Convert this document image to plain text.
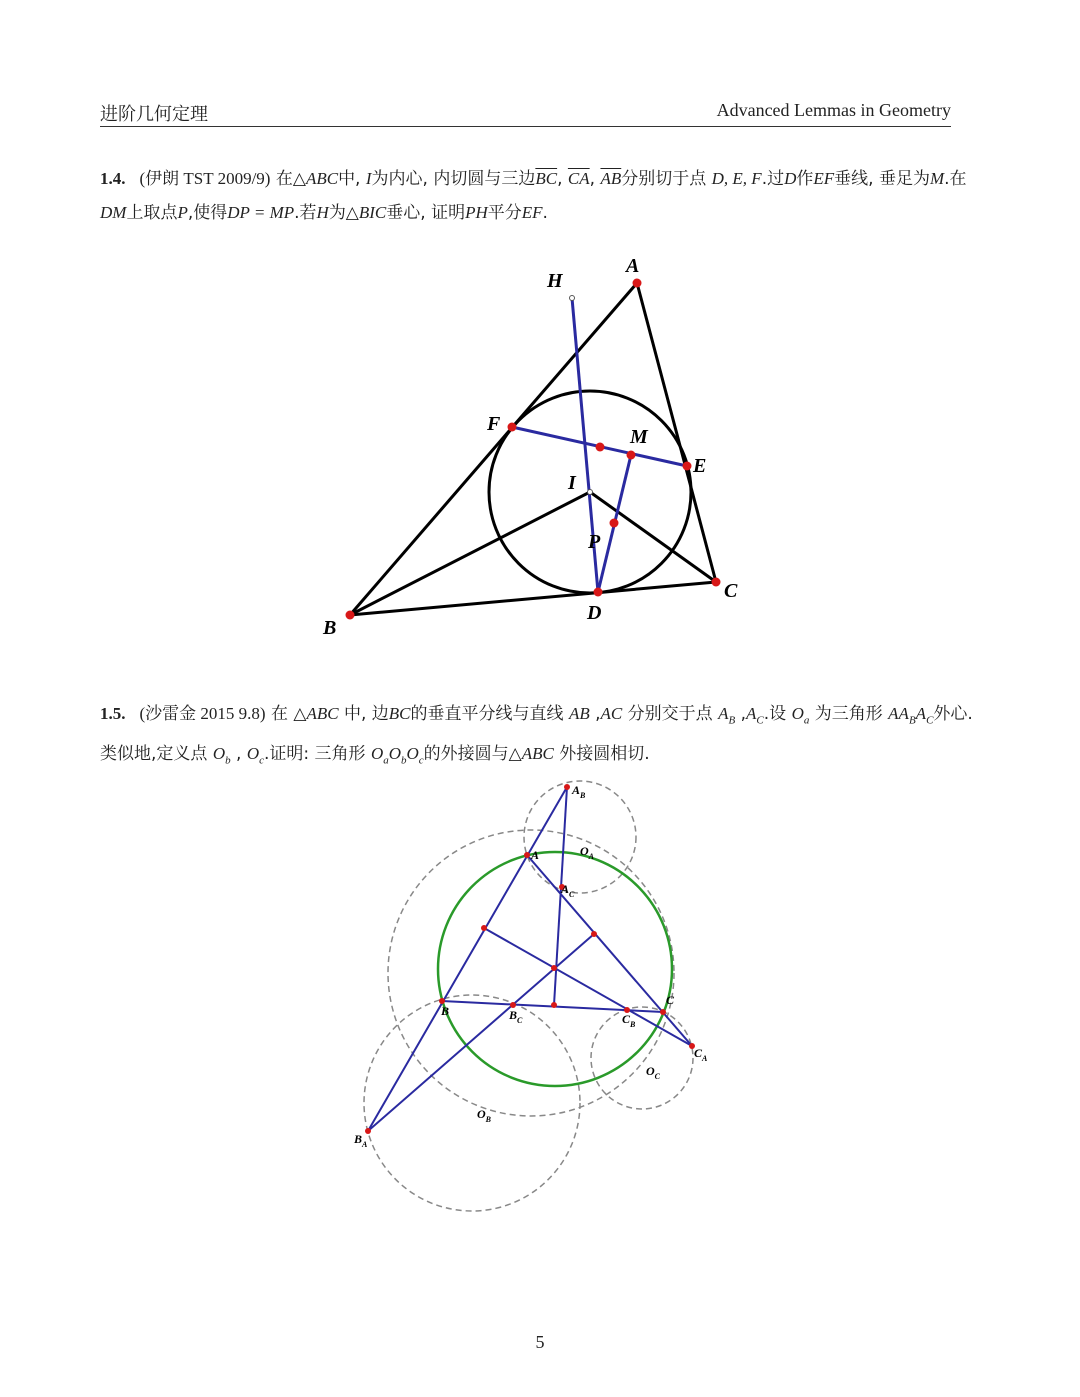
进阶几何定理	Advanced Lemmas in Geometry
1.4. (伊朗 TST 2009/9) 在△ABC中, I为内心, 内切圆与三边$\overline{BC}$, $\overline{CA}$, $\overline{AB}$分别切于点 D, E, F.过D作EF垂线, 垂足为M.在DM上取点P,使得DP = MP.若H为△BIC垂心, 证明PH平分EF.
A
B
C
D
E
F
H
I
M
P
1.5. (沙雷金 2015 9.8) 在 △ABC 中, 边BC的垂直平分线与直线 AB ,AC 分别交于点 $A_B$ $,A_C$.设 $O_a$ 为三角形 $AA_BA_C$外心. 类似地,定义点 $O_b$ , $O_c$.证明: 三角形 $O_aO_bO_c$的外接圆与△ABC 外接圆相切.
$A_B$
A	$O_A$
$A_C$
B	$B_C$	$C_B$
C
$C_A$
$O_C$
$O_B$
$B_A$
5
